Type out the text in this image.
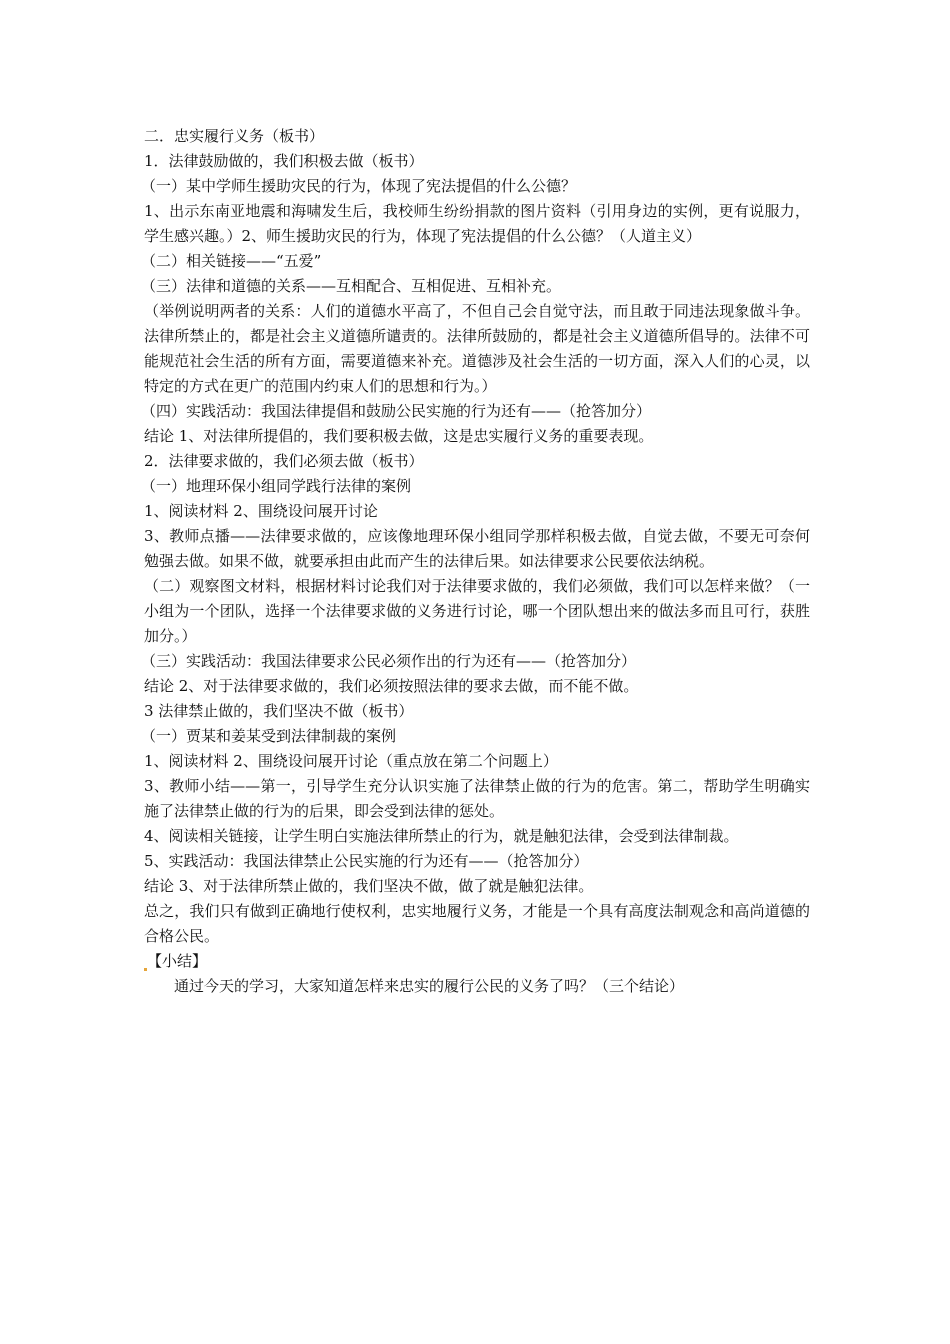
二．忠实履行义务（板书）
1．法律鼓励做的，我们积极去做（板书）
（一）某中学师生援助灾民的行为，体现了宪法提倡的什么公德？
1、出示东南亚地震和海啸发生后，我校师生纷纷捐款的图片资料（引用身边的实例，更有说服力，学生感兴趣。）2、师生援助灾民的行为，体现了宪法提倡的什么公德？（人道主义）
（二）相关链接——“五爱”
（三）法律和道德的关系——互相配合、互相促进、互相补充。
（举例说明两者的关系：人们的道德水平高了，不但自己会自觉守法，而且敢于同违法现象做斗争。法律所禁止的，都是社会主义道德所谴责的。法律所鼓励的，都是社会主义道德所倡导的。法律不可能规范社会生活的所有方面，需要道德来补充。道德涉及社会生活的一切方面，深入人们的心灵，以特定的方式在更广的范围内约束人们的思想和行为。）
（四）实践活动：我国法律提倡和鼓励公民实施的行为还有——（抢答加分）
结论 1、对法律所提倡的，我们要积极去做，这是忠实履行义务的重要表现。
2．法律要求做的，我们必须去做（板书）
（一）地理环保小组同学践行法律的案例
1、阅读材料 2、围绕设问展开讨论
3、教师点播——法律要求做的，应该像地理环保小组同学那样积极去做，自觉去做，不要无可奈何勉强去做。如果不做，就要承担由此而产生的法律后果。如法律要求公民要依法纳税。
（二）观察图文材料，根据材料讨论我们对于法律要求做的，我们必须做，我们可以怎样来做？（一小组为一个团队，选择一个法律要求做的义务进行讨论，哪一个团队想出来的做法多而且可行，获胜加分。）
（三）实践活动：我国法律要求公民必须作出的行为还有——（抢答加分）
结论 2、对于法律要求做的，我们必须按照法律的要求去做，而不能不做。
3 法律禁止做的，我们坚决不做（板书）
（一）贾某和姜某受到法律制裁的案例
1、阅读材料 2、围绕设问展开讨论（重点放在第二个问题上）
3、教师小结——第一，引导学生充分认识实施了法律禁止做的行为的危害。第二，帮助学生明确实施了法律禁止做的行为的后果，即会受到法律的惩处。
4、阅读相关链接，让学生明白实施法律所禁止的行为，就是触犯法律，会受到法律制裁。
5、实践活动：我国法律禁止公民实施的行为还有——（抢答加分）
结论 3、对于法律所禁止做的，我们坚决不做，做了就是触犯法律。
总之，我们只有做到正确地行使权利，忠实地履行义务，才能是一个具有高度法制观念和高尚道德的合格公民。
【小结】
通过今天的学习，大家知道怎样来忠实的履行公民的义务了吗？（三个结论）
